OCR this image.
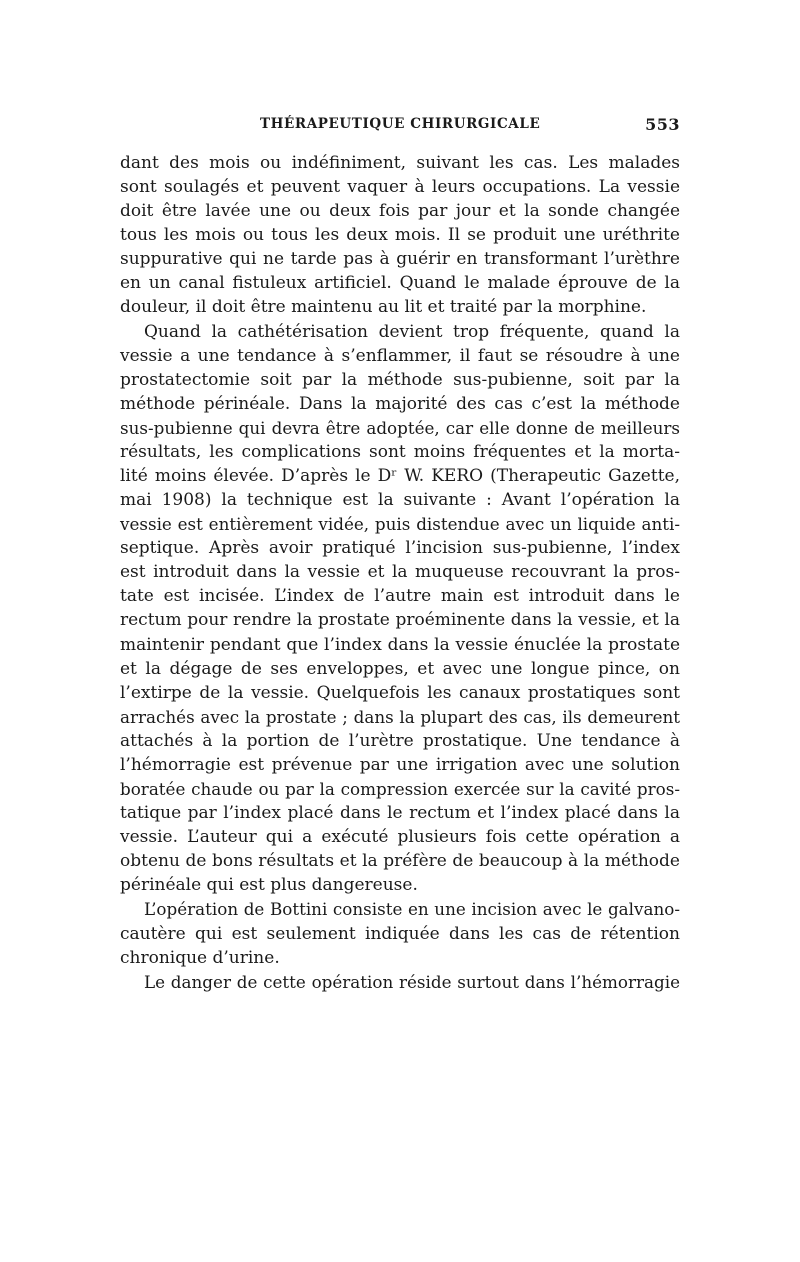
THÉRAPEUTIQUE CHIRURGICALE	553
dant des mois ou indéfiniment, suivant les cas. Les malades
sont soulagés et peuvent vaquer à leurs occupations. La vessie
doit être lavée une ou deux fois par jour et la sonde changée
tous les mois ou tous les deux mois. Il se produit une uréthrite
suppurative qui ne tarde pas à guérir en transformant l’urèthre
en un canal fistuleux artificiel. Quand le malade éprouve de la
douleur, il doit être maintenu au lit et traité par la morphine.
Quand la cathétérisation devient trop fréquente, quand la
vessie a une tendance à s’enflammer, il faut se résoudre à une
prostatectomie soit par la méthode sus-pubienne, soit par la
méthode périnéale. Dans la majorité des cas c’est la méthode
sus-pubienne qui devra être adoptée, car elle donne de meilleurs
résultats, les complications sont moins fréquentes et la morta-
lité moins élevée. D’après le Dʳ W. KERO (Therapeutic Gazette,
mai 1908) la technique est la suivante : Avant l’opération la
vessie est entièrement vidée, puis distendue avec un liquide anti-
septique. Après avoir pratiqué l’incision sus-pubienne, l’index
est introduit dans la vessie et la muqueuse recouvrant la pros-
tate est incisée. L’index de l’autre main est introduit dans le
rectum pour rendre la prostate proéminente dans la vessie, et la
maintenir pendant que l’index dans la vessie énuclée la prostate
et la dégage de ses enveloppes, et avec une longue pince, on
l’extirpe de la vessie. Quelquefois les canaux prostatiques sont
arrachés avec la prostate ; dans la plupart des cas, ils demeurent
attachés à la portion de l’urètre prostatique. Une tendance à
l’hémorragie est prévenue par une irrigation avec une solution
boratée chaude ou par la compression exercée sur la cavité pros-
tatique par l’index placé dans le rectum et l’index placé dans la
vessie. L’auteur qui a exécuté plusieurs fois cette opération a
obtenu de bons résultats et la préfère de beaucoup à la méthode
périnéale qui est plus dangereuse.
L’opération de Bottini consiste en une incision avec le galvano-
cautère qui est seulement indiquée dans les cas de rétention
chronique d’urine.
Le danger de cette opération réside surtout dans l’hémorragie
